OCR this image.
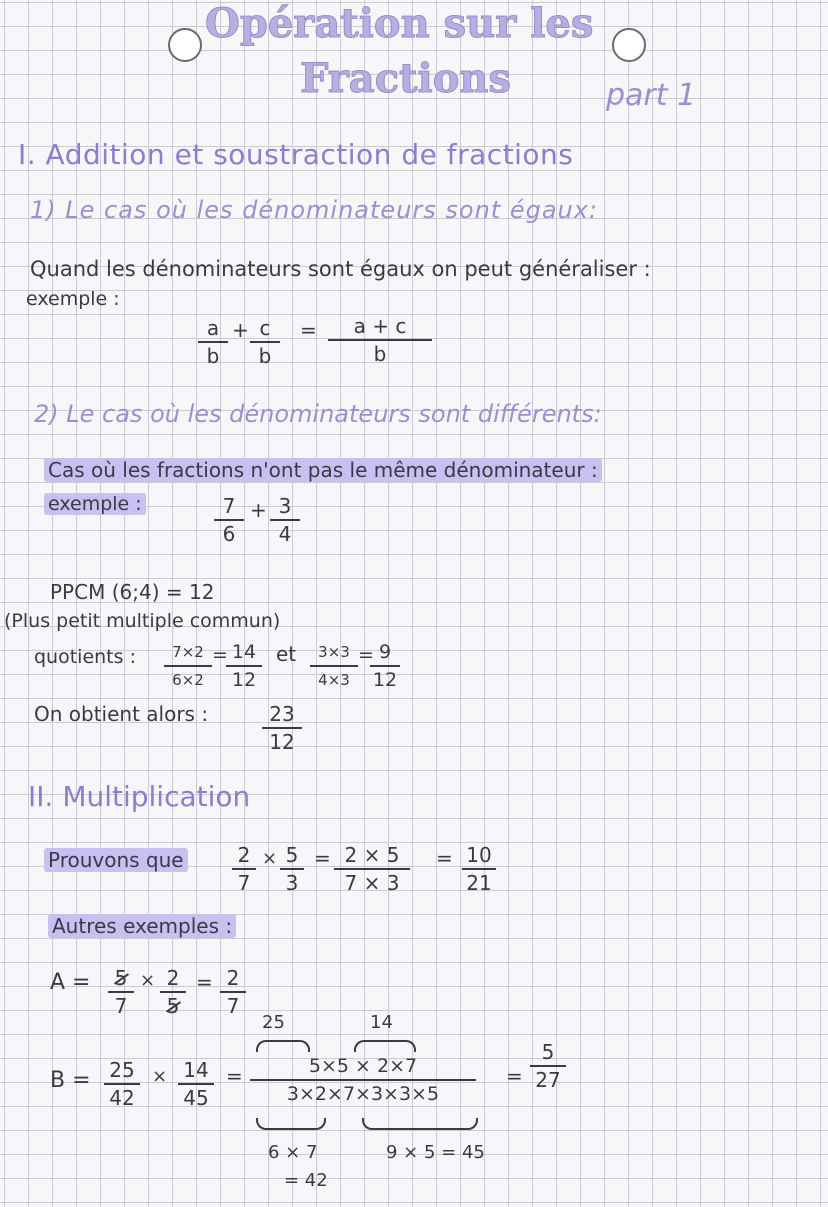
Opération sur les
Fractions	part 1
I. Addition et soustraction de fractions
1) Le cas où les dénominateurs sont égaux:
Quand les dénominateurs sont égaux on peut généraliser :
exemple :
a
b
+ c
b
=	a + c
b
2) Le cas où les dénominateurs sont différents:
Cas où les fractions n'ont pas le même dénominateur :
exemple :	7
6
+ 3
4
PPCM (6;4) = 12
(Plus petit multiple commun)
quotients :	7×2
6×2
= 14
12
et	3×3
4×3
= 9
12
On obtient alors :	23
12
II. Multiplication
Prouvons que	2
7
× 5
3
= 2 × 5
7 × 3
= 10
21
Autres exemples :
A =	5
7
× 2
5
= 2
7
B = 25
42
× 14
45
=
25	14
5×5 × 2×7
3×2×7×3×3×5
=
5
27
6 × 7
= 42
9 × 5 = 45
